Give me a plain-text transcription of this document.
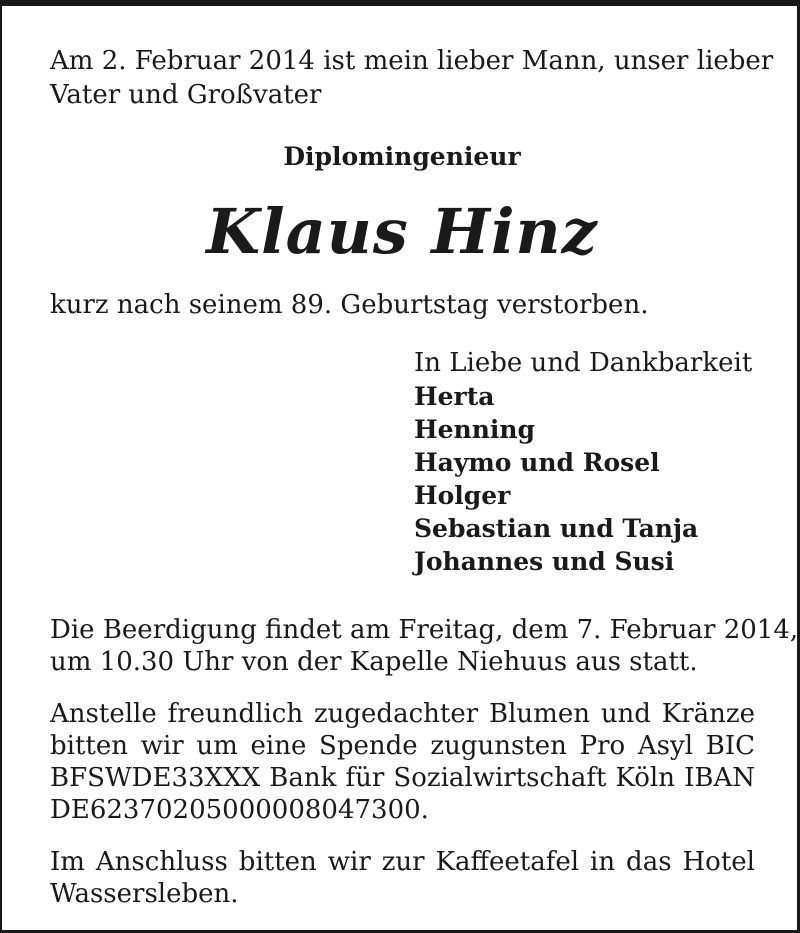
Am 2. Februar 2014 ist mein lieber Mann, unser lieber
Vater und Großvater
Diplomingenieur
Klaus Hinz
kurz nach seinem 89. Geburtstag verstorben.
In Liebe und Dankbarkeit
Herta
Henning
Haymo und Rosel
Holger
Sebastian und Tanja
Johannes und Susi
Die Beerdigung findet am Freitag, dem 7. Februar 2014,
um 10.30 Uhr von der Kapelle Niehuus aus statt.
Anstelle freundlich zugedachter Blumen und Kränze
bitten wir um eine Spende zugunsten Pro Asyl BIC
BFSWDE33XXX Bank für Sozialwirtschaft Köln IBAN
DE62370205000008047300.
Im Anschluss bitten wir zur Kaffeetafel in das Hotel
Wassersleben.
